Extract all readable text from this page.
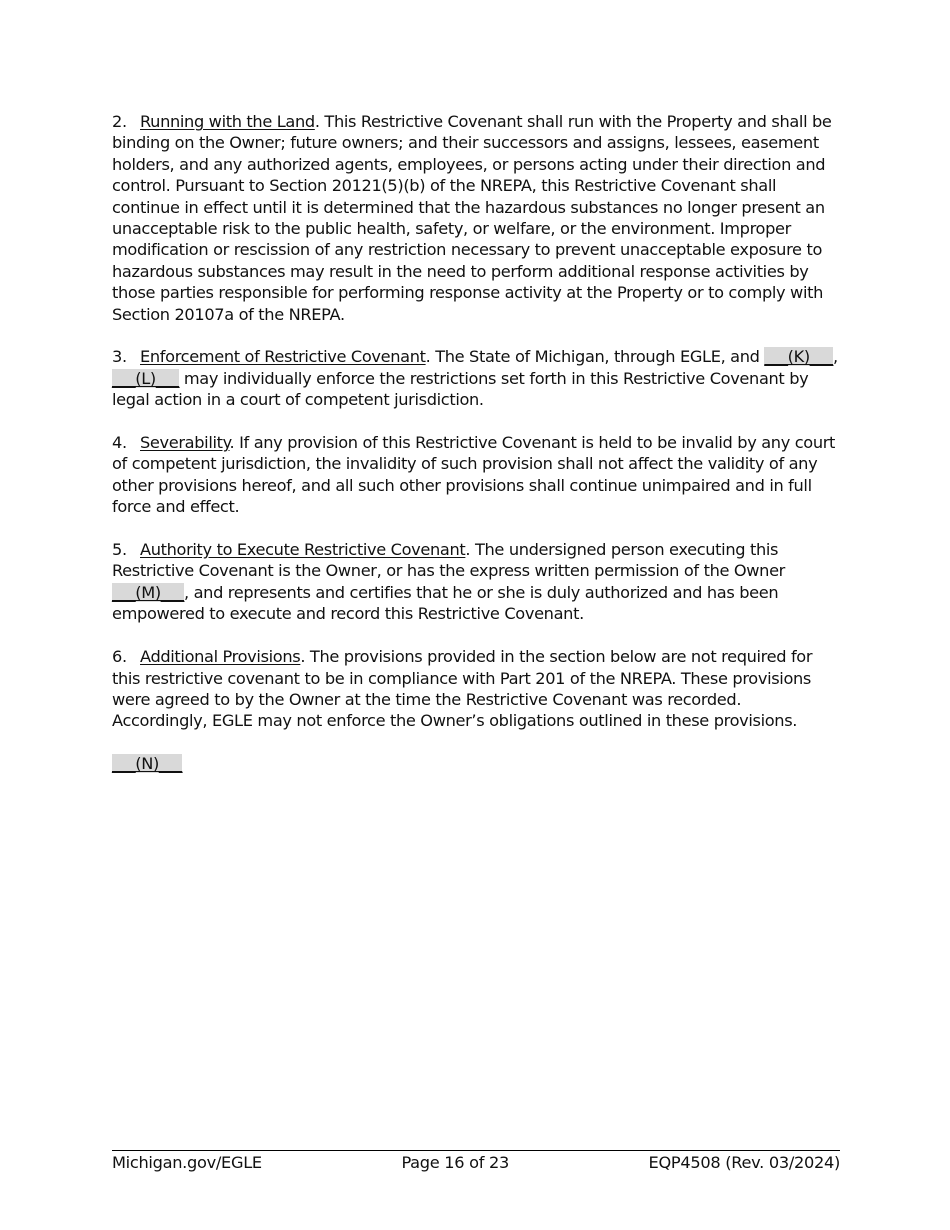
2. Running with the Land. This Restrictive Covenant shall run with the Property and shall be binding on the Owner; future owners; and their successors and assigns, lessees, easement holders, and any authorized agents, employees, or persons acting under their direction and control. Pursuant to Section 20121(5)(b) of the NREPA, this Restrictive Covenant shall continue in effect until it is determined that the hazardous substances no longer present an unacceptable risk to the public health, safety, or welfare, or the environment. Improper modification or rescission of any restriction necessary to prevent unacceptable exposure to hazardous substances may result in the need to perform additional response activities by those parties responsible for performing response activity at the Property or to comply with Section 20107a of the NREPA.

3. Enforcement of Restrictive Covenant. The State of Michigan, through EGLE, and ___(K)___, ___(L)___ may individually enforce the restrictions set forth in this Restrictive Covenant by legal action in a court of competent jurisdiction.

4. Severability. If any provision of this Restrictive Covenant is held to be invalid by any court of competent jurisdiction, the invalidity of such provision shall not affect the validity of any other provisions hereof, and all such other provisions shall continue unimpaired and in full force and effect.

5. Authority to Execute Restrictive Covenant. The undersigned person executing this Restrictive Covenant is the Owner, or has the express written permission of the Owner ___(M)___, and represents and certifies that he or she is duly authorized and has been empowered to execute and record this Restrictive Covenant.

6. Additional Provisions. The provisions provided in the section below are not required for this restrictive covenant to be in compliance with Part 201 of the NREPA. These provisions were agreed to by the Owner at the time the Restrictive Covenant was recorded. Accordingly, EGLE may not enforce the Owner’s obligations outlined in these provisions.

___(N)___

Michigan.gov/EGLE	Page 16 of 23	EQP4508 (Rev. 03/2024)
